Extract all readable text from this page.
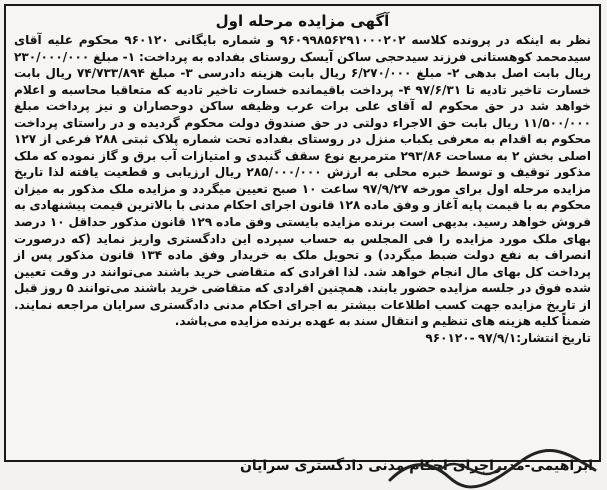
آگهی مزایده مرحله اول

نظر به اینکه در پرونده کلاسه ۹۶۰۹۹۸۵۶۲۹۱۰۰۰۲۰۲ و شماره بایگانی ۹۶۰۱۲۰ محکوم علیه آقای سیدمحمد کوهستانی فرزند سیدحجی ساکن آیسک روستای بفداده به پرداخت: ۱- مبلغ ۲۳۰/۰۰۰/۰۰۰ ریال بابت اصل بدهی ۲- مبلغ ۶/۲۷۰/۰۰۰ ریال بابت هزینه دادرسی ۳- مبلغ ۷۴/۷۳۳/۸۹۴ ریال بابت خسارت تاخیر تادیه تا ۹۷/۶/۳۱ ۴- پرداخت باقیمانده خسارت تاخیر تادیه که متعاقبا محاسبه و اعلام خواهد شد در حق محکوم له آقای علی برات عرب وظیفه ساکن دوحصاران و نیز پرداخت مبلغ ۱۱/۵۰۰/۰۰۰ ریال بابت حق الاجراء دولتی در حق صندوق دولت محکوم گردیده و در راستای پرداخت محکوم به اقدام به معرفی یکباب منزل در روستای بفداده تحت شماره پلاک ثبتی ۲۸۸ فرعی از ۱۲۷ اصلی بخش ۲ به مساحت ۲۹۳/۸۶ مترمربع نوع سقف گنبدی و امتیازات آب برق و گاز نموده که ملک مذکور توقیف و توسط خبره محلی به ارزش ۲۸۵/۰۰۰/۰۰۰ ریال ارزیابی و قطعیت یافته لذا تاریخ مزایده مرحله اول برای مورخه ۹۷/۹/۲۷ ساعت ۱۰ صبح تعیین میگردد و مزایده ملک مذکور به میزان محکوم به با قیمت پایه آغاز و وفق ماده ۱۲۸ قانون اجرای احکام مدنی با بالاترین قیمت پیشنهادی به فروش خواهد رسید. بدیهی است برنده مزایده بایستی وفق ماده ۱۲۹ قانون مذکور حداقل ۱۰ درصد بهای ملک مورد مزایده را فی المجلس به حساب سپرده این دادگستری واریز نماید (که درصورت انصراف به نفع دولت ضبط میگردد) و تحویل ملک به خریدار وفق ماده ۱۳۴ قانون مذکور پس از پرداخت کل بهای مال انجام خواهد شد. لذا افرادی که متقاضی خرید باشند می‌توانند در وقت تعیین شده فوق در جلسه مزایده حضور یابند. همچنین افرادی که متقاضی خرید باشند می‌توانند ۵ روز قبل از تاریخ مزایده جهت کسب اطلاعات بیشتر به اجرای احکام مدنی دادگستری سرایان مراجعه نمایند. ضمناً کلیه هزینه های تنظیم و انتقال سند به عهده برنده مزایده می‌باشد.

تاریخ انتشار:۹۷/۹/۱ -۹۶۰۱۲۰

ابراهیمی-مدیراجرای احکام مدنی دادگستری سرایان
